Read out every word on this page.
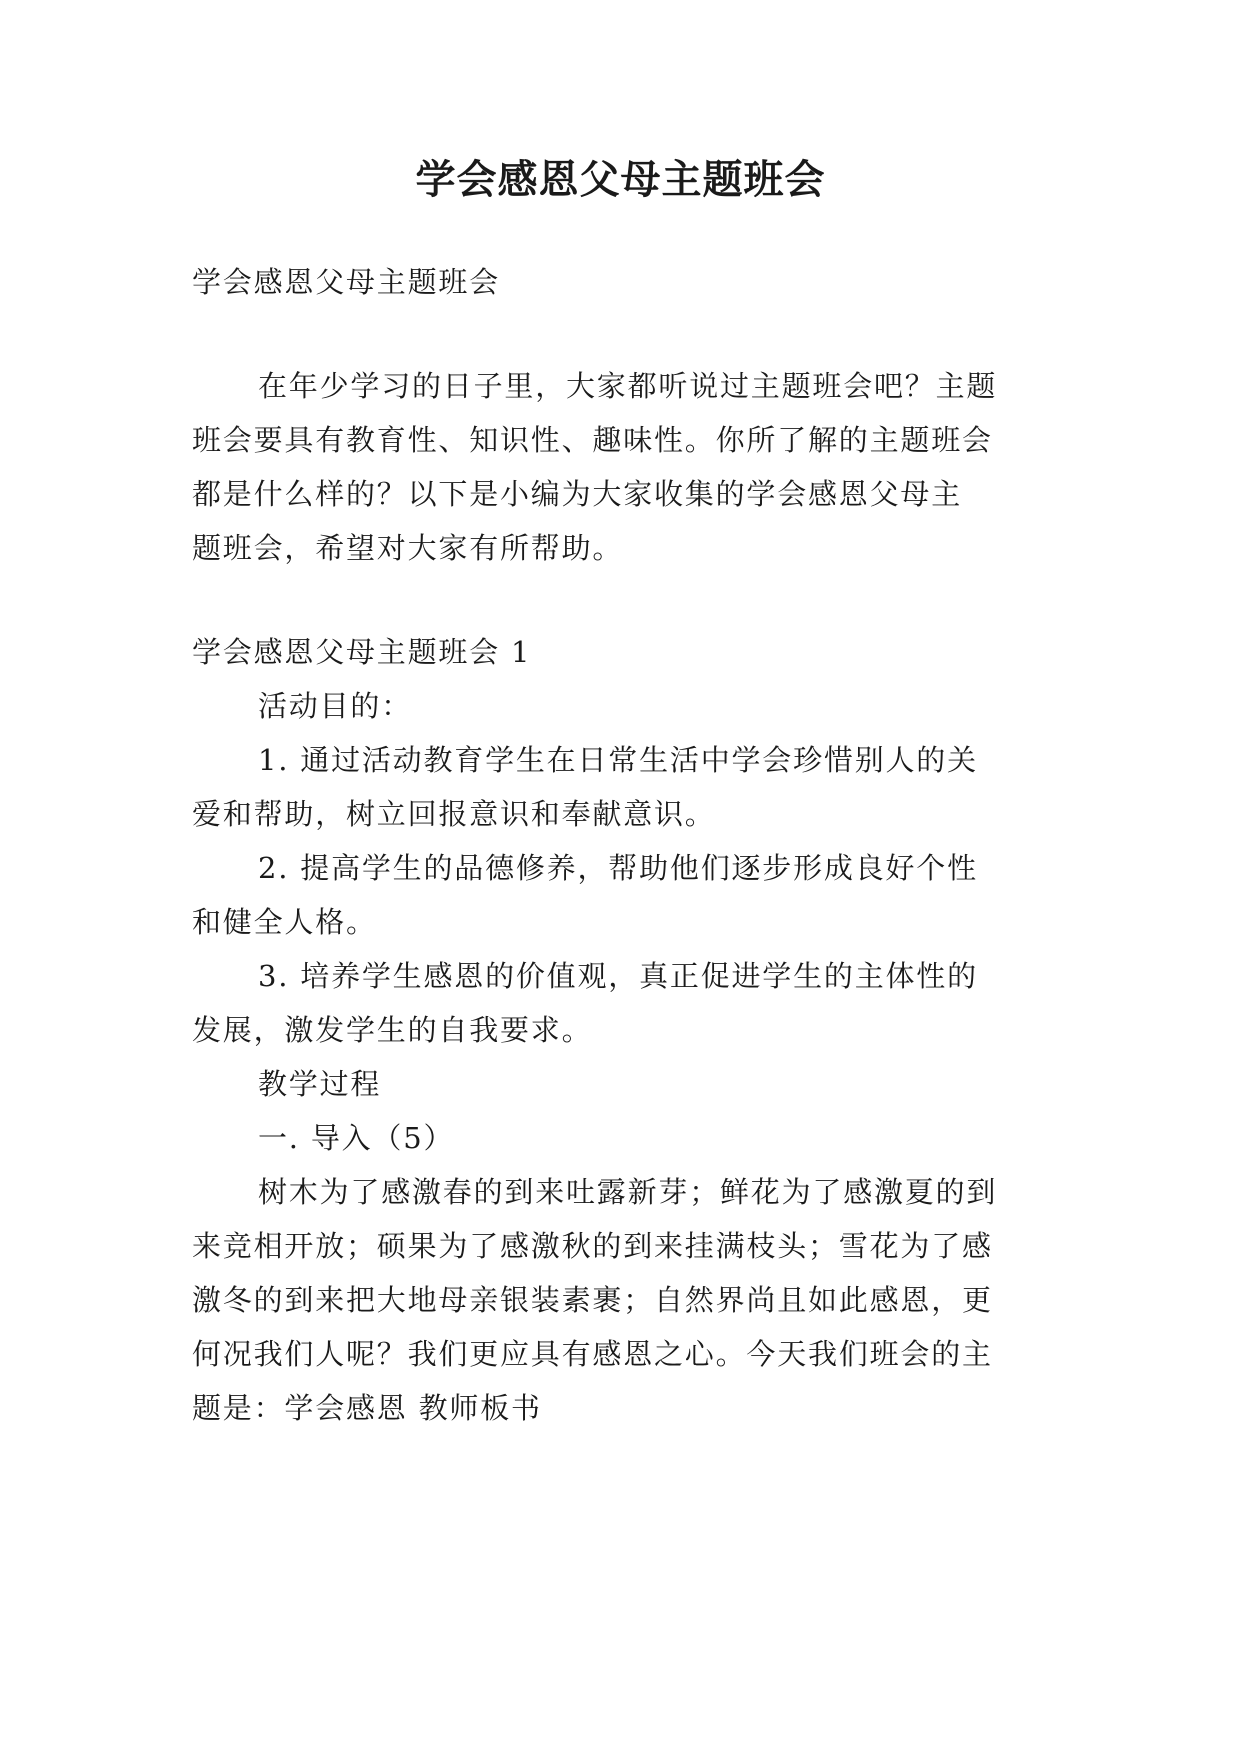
学会感恩父母主题班会
学会感恩父母主题班会
在年少学习的日子里，大家都听说过主题班会吧？主题
班会要具有教育性、知识性、趣味性。你所了解的主题班会
都是什么样的？以下是小编为大家收集的学会感恩父母主
题班会，希望对大家有所帮助。
学会感恩父母主题班会 1
活动目的：
1. 通过活动教育学生在日常生活中学会珍惜别人的关
爱和帮助，树立回报意识和奉献意识。
2. 提高学生的品德修养，帮助他们逐步形成良好个性
和健全人格。
3. 培养学生感恩的价值观，真正促进学生的主体性的
发展，激发学生的自我要求。
教学过程
一. 导入（5）
树木为了感激春的到来吐露新芽；鲜花为了感激夏的到
来竞相开放；硕果为了感激秋的到来挂满枝头；雪花为了感
激冬的到来把大地母亲银装素裹；自然界尚且如此感恩，更
何况我们人呢？我们更应具有感恩之心。今天我们班会的主
题是：学会感恩 教师板书
